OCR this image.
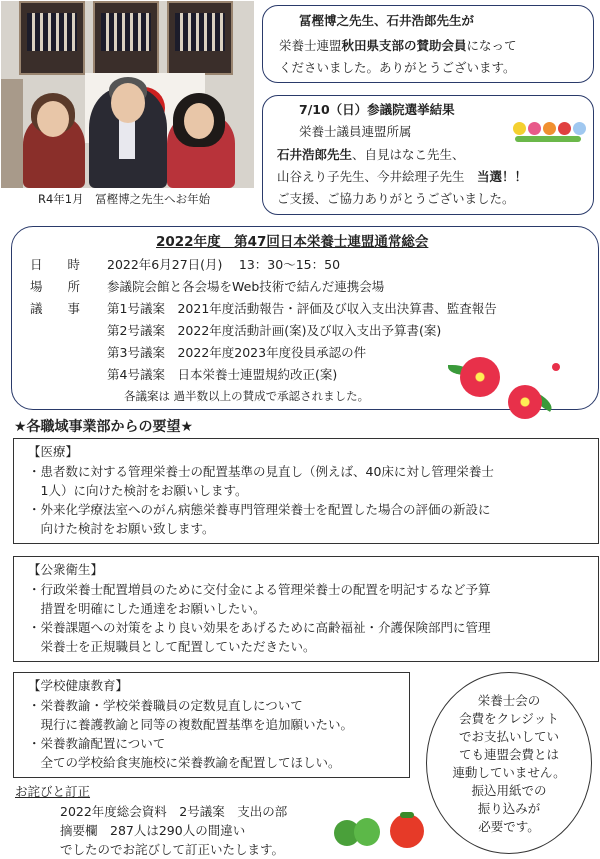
R4年1月　冨樫博之先生へお年始
冨樫博之先生、石井浩郎先生が
栄養士連盟秋田県支部の賛助会員になって
くださいました。ありがとうございます。
7/10（日）参議院選挙結果
栄養士議員連盟所属
石井浩郎先生、自見はなこ先生、
山谷えり子先生、今井絵理子先生　 当選！！
ご支援、ご協力ありがとうございました。
2022年度　第47回日本栄養士連盟通常総会
日　　時 2022年6月27日(月)　 13：30～15：50
場　　所 参議院会館と各会場をWeb技術で結んだ連携会場
議　　事 第1号議案　 2021年度活動報告・評価及び収入支出決算書、監査報告
第2号議案　 2022年度活動計画(案)及び収入支出予算書(案)
第3号議案　 2022年度2023年度役員承認の件
第4号議案　 日本栄養士連盟規約改正(案)
各議案は 過半数以上の賛成で承認されました。
★各職域事業部からの要望★
【医療】
・患者数に対する管理栄養士の配置基準の見直し（例えば、40床に対し管理栄養士
　1人）に向けた検討をお願いします。
・外来化学療法室へのがん病態栄養専門管理栄養士を配置した場合の評価の新設に
　向けた検討をお願い致します。
【公衆衛生】
・行政栄養士配置増員のために交付金による管理栄養士の配置を明記するなど予算
　措置を明確にした通達をお願いしたい。
・栄養課題への対策をより良い効果をあげるために高齢福祉・介護保険部門に管理
　栄養士を正規職員として配置していただきたい。
【学校健康教育】
・栄養教諭・学校栄養職員の定数見直しについて
　現行に養護教諭と同等の複数配置基準を追加願いたい。
・栄養教諭配置について
　全ての学校給食実施校に栄養教諭を配置してほしい。
お詫びと訂正
2022年度総会資料　2号議案　支出の部
摘要欄　287人は290人の間違い
でしたのでお詫びして訂正いたします。
栄養士会の
会費をクレジット
でお支払いしてい
ても連盟会費とは
連動していません。
振込用紙での
振り込みが
必要です。
